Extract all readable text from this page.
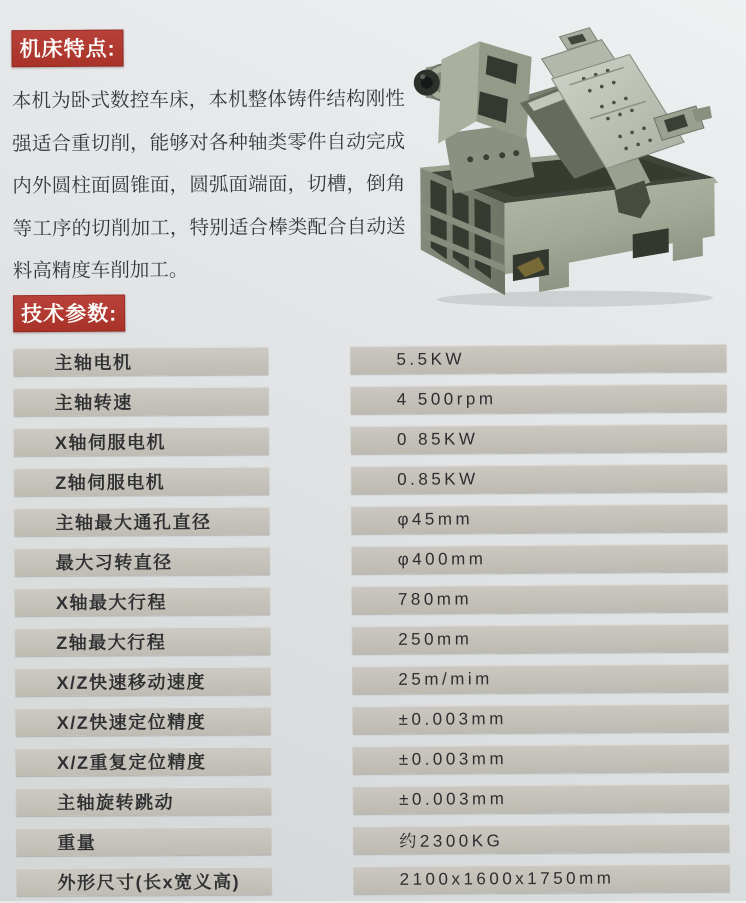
机床特点:
本机为卧式数控车床，本机整体铸件结构刚性强适合重切削，能够对各种轴类零件自动完成内外圆柱面圆锥面，圆弧面端面，切槽，倒角等工序的切削加工，特别适合棒类配合自动送料高精度车削加工。
技术参数:
主轴电机	5.5KW
主轴转速	4 500rpm
X轴伺服电机	0 85KW
Z轴伺服电机	0.85KW
主轴最大通孔直径	φ45mm
最大习转直径	φ400mm
X轴最大行程	780mm
Z轴最大行程	250mm
X/Z快速移动速度	25m/mim
X/Z快速定位精度	±0.003mm
X/Z重复定位精度	±0.003mm
主轴旋转跳动	±0.003mm
重量	约2300KG
外形尺寸(长x宽义高)	2100x1600x1750mm
